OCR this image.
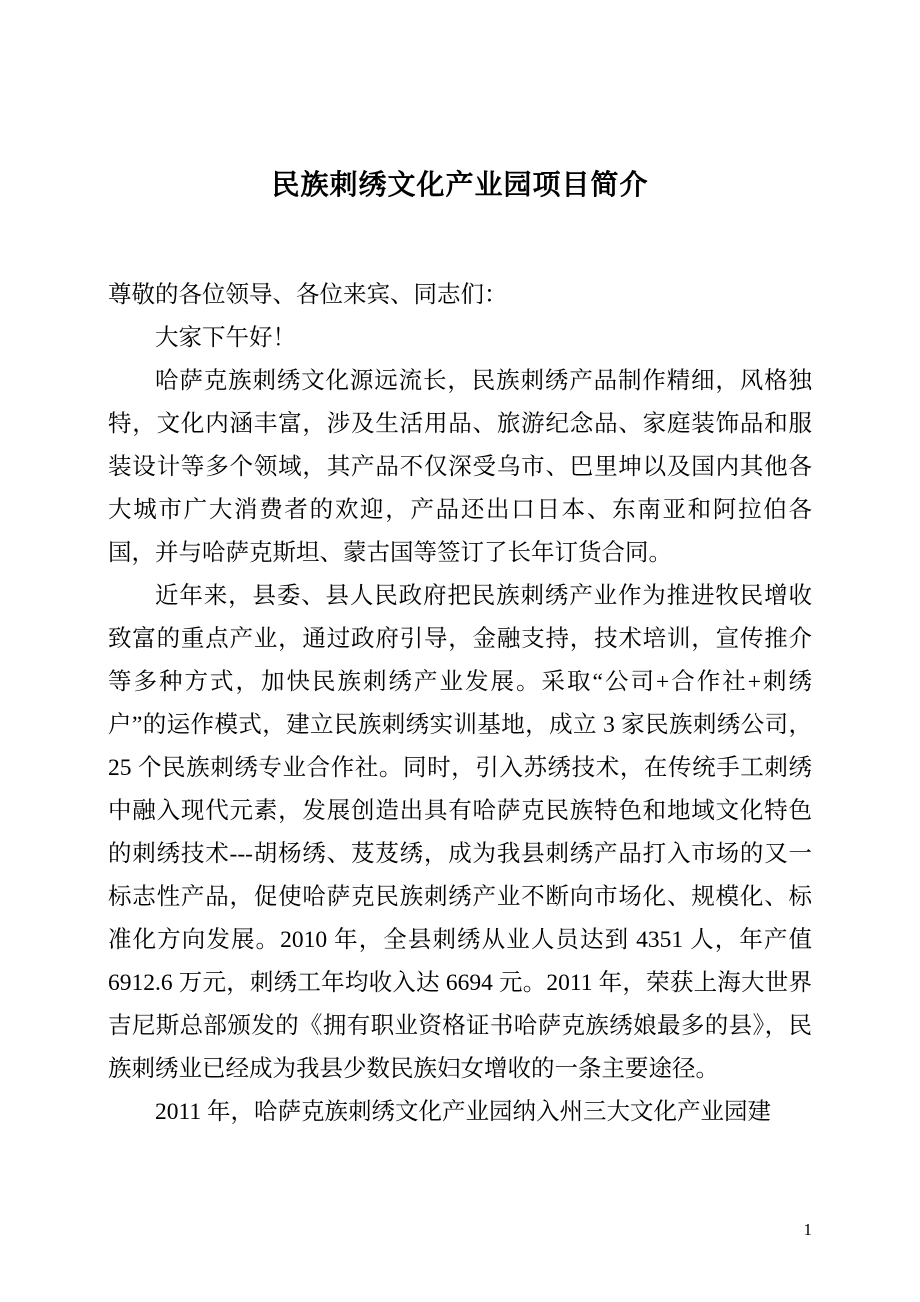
民族刺绣文化产业园项目简介

尊敬的各位领导、各位来宾、同志们：

大家下午好！

哈萨克族刺绣文化源远流长，民族刺绣产品制作精细，风格独特，文化内涵丰富，涉及生活用品、旅游纪念品、家庭装饰品和服装设计等多个领域，其产品不仅深受乌市、巴里坤以及国内其他各大城市广大消费者的欢迎，产品还出口日本、东南亚和阿拉伯各国，并与哈萨克斯坦、蒙古国等签订了长年订货合同。

近年来，县委、县人民政府把民族刺绣产业作为推进牧民增收致富的重点产业，通过政府引导，金融支持，技术培训，宣传推介等多种方式，加快民族刺绣产业发展。采取“公司+合作社+刺绣户”的运作模式，建立民族刺绣实训基地，成立 3 家民族刺绣公司，25 个民族刺绣专业合作社。同时，引入苏绣技术，在传统手工刺绣中融入现代元素，发展创造出具有哈萨克民族特色和地域文化特色的刺绣技术---胡杨绣、芨芨绣，成为我县刺绣产品打入市场的又一标志性产品，促使哈萨克民族刺绣产业不断向市场化、规模化、标准化方向发展。2010 年，全县刺绣从业人员达到 4351 人，年产值 6912.6 万元，刺绣工年均收入达 6694 元。2011 年，荣获上海大世界吉尼斯总部颁发的《拥有职业资格证书哈萨克族绣娘最多的县》，民族刺绣业已经成为我县少数民族妇女增收的一条主要途径。

2011 年，哈萨克族刺绣文化产业园纳入州三大文化产业园建

1
